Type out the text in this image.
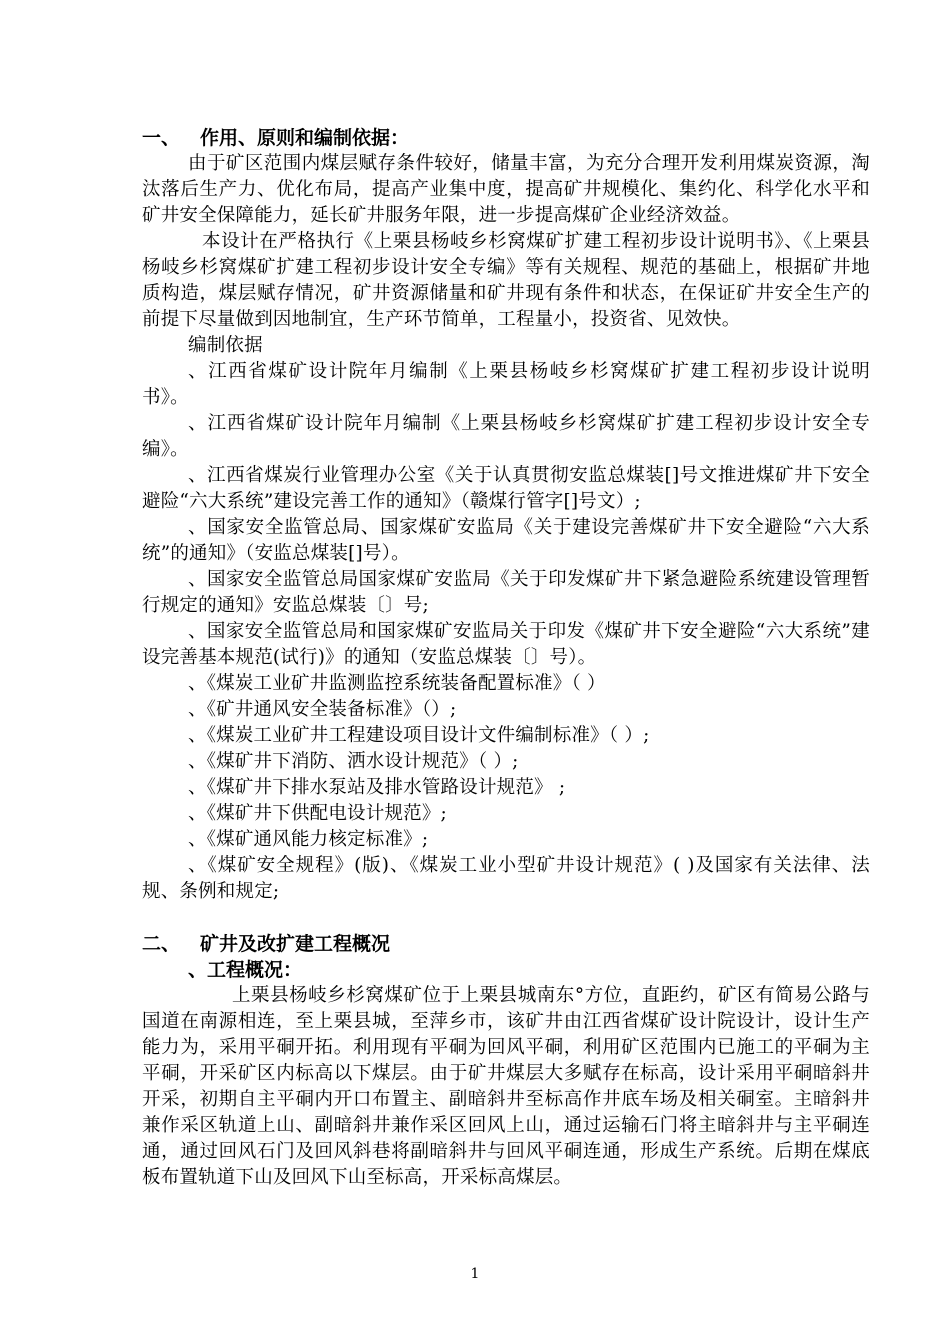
一、 作用、原则和编制依据：

由于矿区范围内煤层赋存条件较好，储量丰富，为充分合理开发利用煤炭资源，淘汰落后生产力、优化布局，提高产业集中度，提高矿井规模化、集约化、科学化水平和矿井安全保障能力，延长矿井服务年限，进一步提高煤矿企业经济效益。

本设计在严格执行《上栗县杨岐乡杉窝煤矿扩建工程初步设计说明书》、《上栗县杨岐乡杉窝煤矿扩建工程初步设计安全专编》等有关规程、规范的基础上，根据矿井地质构造，煤层赋存情况，矿井资源储量和矿井现有条件和状态，在保证矿井安全生产的前提下尽量做到因地制宜，生产环节简单，工程量小，投资省、见效快。

编制依据

、江西省煤矿设计院年月编制《上栗县杨岐乡杉窝煤矿扩建工程初步设计说明书》。

、江西省煤矿设计院年月编制《上栗县杨岐乡杉窝煤矿扩建工程初步设计安全专编》。

、江西省煤炭行业管理办公室《关于认真贯彻安监总煤装[]号文推进煤矿井下安全避险“六大系统”建设完善工作的通知》（赣煤行管字[]号文）;

、国家安全监管总局、国家煤矿安监局《关于建设完善煤矿井下安全避险“六大系统”的通知》（安监总煤装[]号）。

、国家安全监管总局国家煤矿安监局《关于印发煤矿井下紧急避险系统建设管理暂行规定的通知》安监总煤装〔〕号;

、国家安全监管总局和国家煤矿安监局关于印发《煤矿井下安全避险“六大系统”建设完善基本规范(试行)》的通知（安监总煤装〔〕号）。

、《煤炭工业矿井监测监控系统装备配置标准》（ ）

、《矿井通风安全装备标准》（）;

、《煤炭工业矿井工程建设项目设计文件编制标准》（ ）;

、《煤矿井下消防、洒水设计规范》（ ）;

、《煤矿井下排水泵站及排水管路设计规范》 ;

、《煤矿井下供配电设计规范》;

、《煤矿通风能力核定标准》;

、《煤矿安全规程》(版)、《煤炭工业小型矿井设计规范》( )及国家有关法律、法规、条例和规定;

二、 矿井及改扩建工程概况

、工程概况：

上栗县杨岐乡杉窝煤矿位于上栗县城南东°方位，直距约，矿区有简易公路与国道在南源相连，至上栗县城，至萍乡市，该矿井由江西省煤矿设计院设计，设计生产能力为，采用平硐开拓。利用现有平硐为回风平硐，利用矿区范围内已施工的平硐为主平硐，开采矿区内标高以下煤层。由于矿井煤层大多赋存在标高，设计采用平硐暗斜井开采，初期自主平硐内开口布置主、副暗斜井至标高作井底车场及相关硐室。主暗斜井兼作采区轨道上山、副暗斜井兼作采区回风上山，通过运输石门将主暗斜井与主平硐连通，通过回风石门及回风斜巷将副暗斜井与回风平硐连通，形成生产系统。后期在煤底板布置轨道下山及回风下山至标高，开采标高煤层。

1
